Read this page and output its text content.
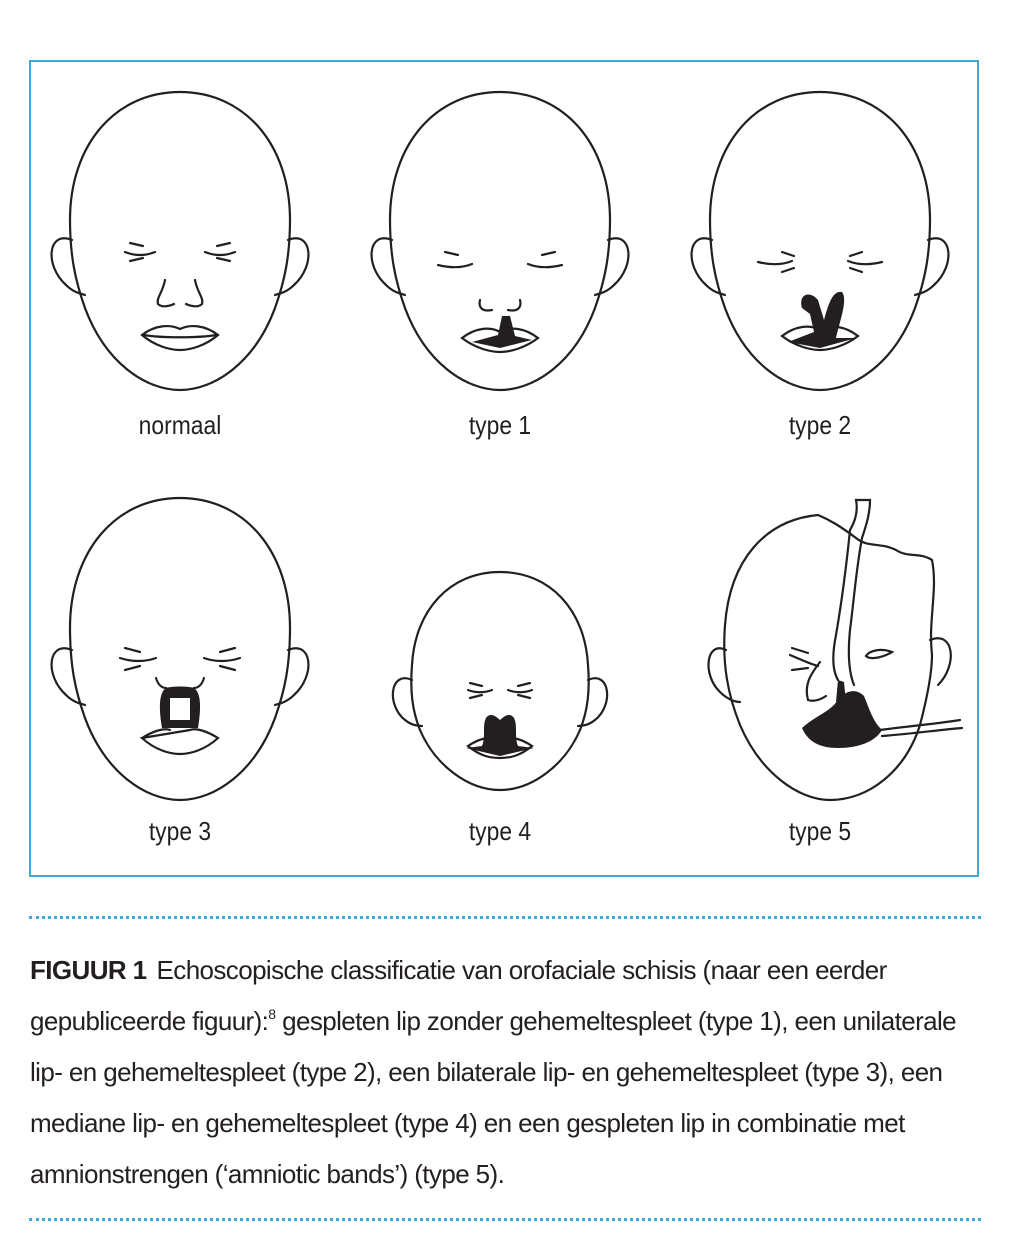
normaal	type 1	type 2
type 3	type 4	type 5
FIGUUR 1 Echoscopische classificatie van orofaciale schisis (naar een eerder gepubliceerde figuur):$^8$ gespleten lip zonder gehemeltespleet (type 1), een unilaterale lip- en gehemeltespleet (type 2), een bilaterale lip- en gehemeltespleet (type 3), een mediane lip- en gehemeltespleet (type 4) en een gespleten lip in combinatie met amnionstrengen (‘amniotic bands’) (type 5).
